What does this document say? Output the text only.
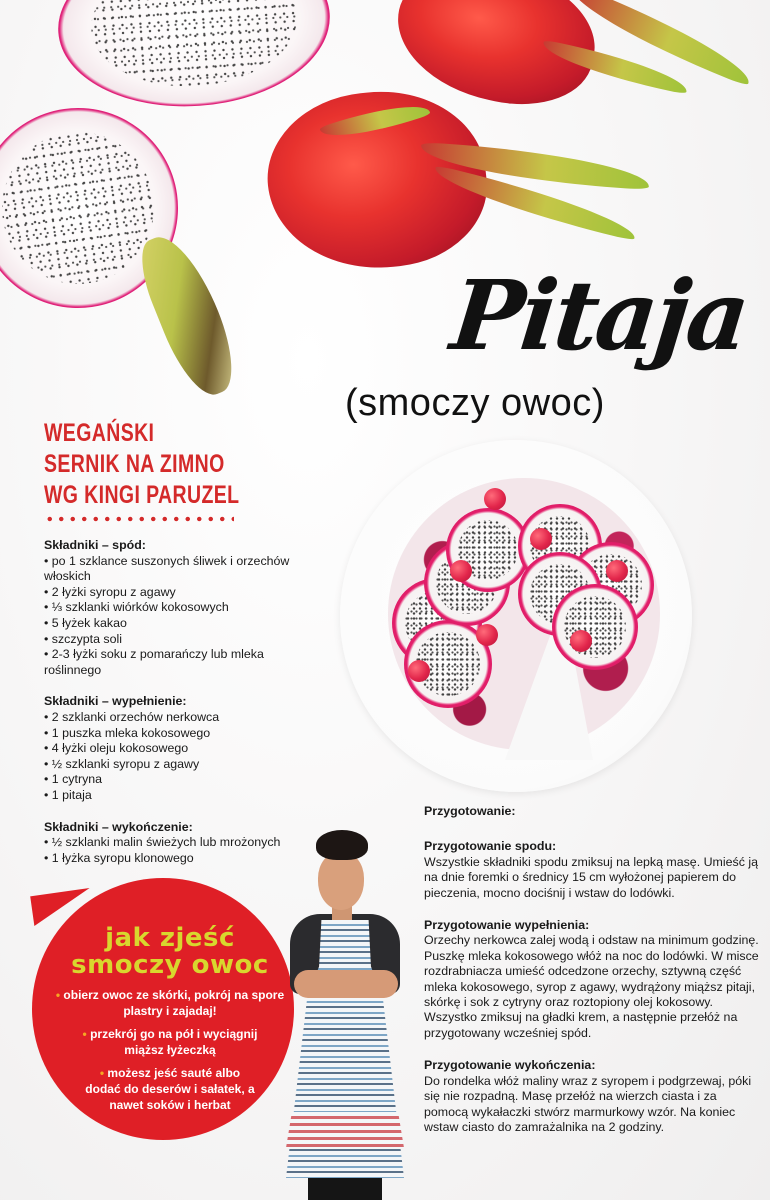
Pitaja
(smoczy owoc)
WEGAŃSKI
SERNIK NA ZIMNO
WG KINGI PARUZEL
Składniki – spód:
• po 1 szklance suszonych śliwek i orzechów włoskich
• 2 łyżki syropu z agawy
• ⅓ szklanki wiórków kokosowych
• 5 łyżek kakao
• szczypta soli
• 2-3 łyżki soku z pomarańczy lub mleka roślinnego
Składniki – wypełnienie:
• 2 szklanki orzechów nerkowca
• 1 puszka mleka kokosowego
• 4 łyżki oleju kokosowego
• ½ szklanki syropu z agawy
• 1 cytryna
• 1 pitaja
Składniki – wykończenie:
• ½ szklanki malin świeżych lub mrożonych
• 1 łyżka syropu klonowego
Przygotowanie:
Przygotowanie spodu:
Wszystkie składniki spodu zmiksuj na lepką masę. Umieść ją na dnie foremki o średnicy 15 cm wyłożonej papierem do pieczenia, mocno dociśnij i wstaw do lodówki.
Przygotowanie wypełnienia:
Orzechy nerkowca zalej wodą i odstaw na minimum godzinę. Puszkę mleka kokosowego włóż na noc do lodówki. W misce rozdrabniacza umieść odcedzone orzechy, sztywną część mleka kokosowego, syrop z agawy, wydrążony miąższ pitaji, skórkę i sok z cytryny oraz roztopiony olej kokosowy. Wszystko zmiksuj na gładki krem, a następnie przełóż na przygotowany wcześniej spód.
Przygotowanie wykończenia:
Do rondelka włóż maliny wraz z syropem i podgrzewaj, póki się nie rozpadną. Masę przełóż na wierzch ciasta i za pomocą wykałaczki stwórz marmurkowy wzór. Na koniec wstaw ciasto do zamrażalnika na 2 godziny.
jak zjeść
smoczy owoc
• obierz owoc ze skórki, pokrój na spore plastry i zajadaj!
• przekrój go na pół i wyciągnij miąższ łyżeczką
• możesz jeść sauté albo dodać do deserów i sałatek, a nawet soków i herbat
